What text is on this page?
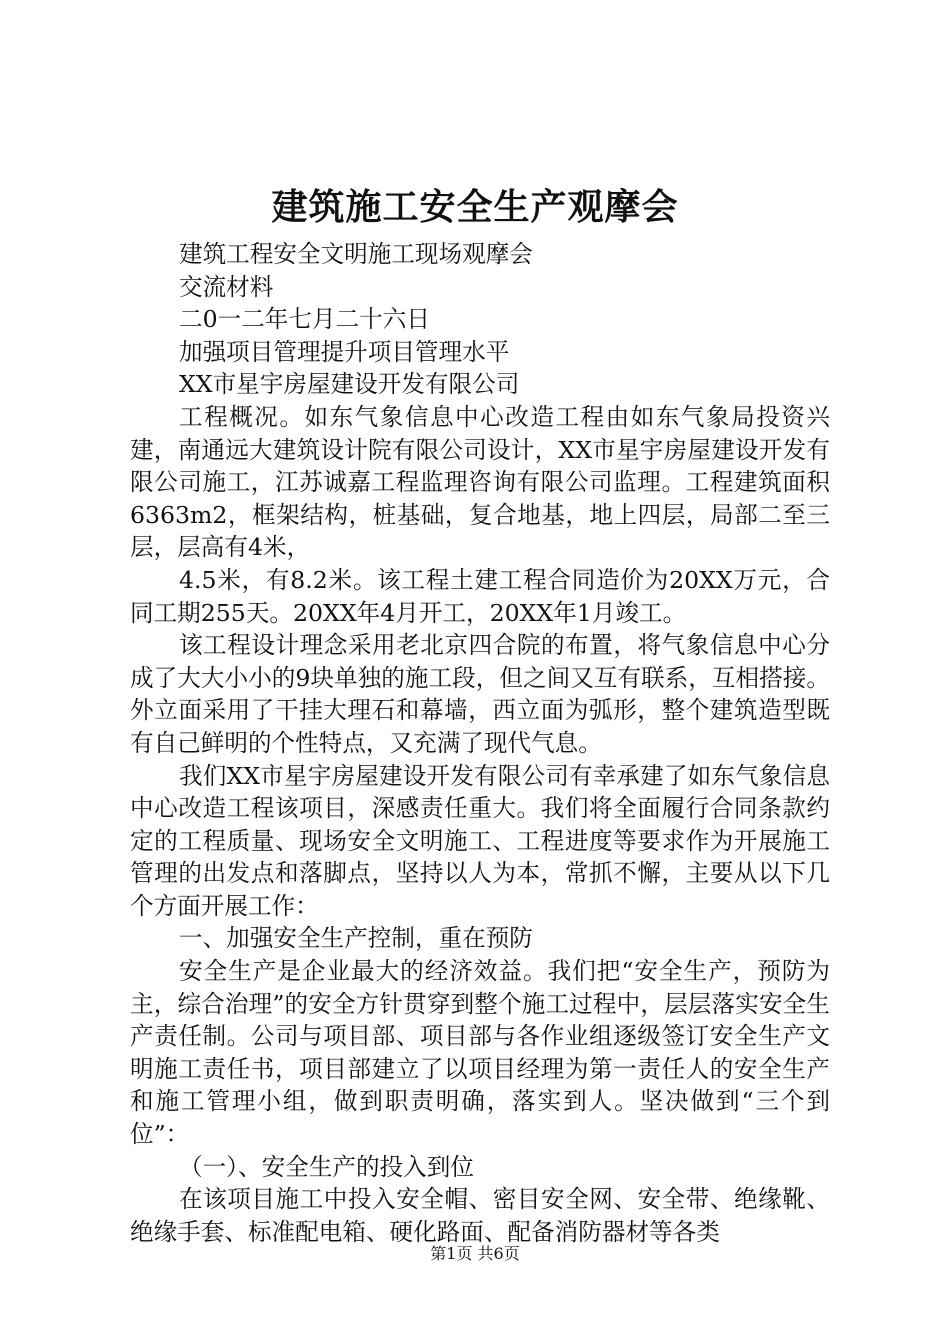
建筑施工安全生产观摩会
建筑工程安全文明施工现场观摩会
交流材料
二0一二年七月二十六日
加强项目管理提升项目管理水平
XX市星宇房屋建设开发有限公司
工程概况。如东气象信息中心改造工程由如东气象局投资兴建，南通远大建筑设计院有限公司设计，XX市星宇房屋建设开发有限公司施工，江苏诚嘉工程监理咨询有限公司监理。工程建筑面积6363m2，框架结构，桩基础，复合地基，地上四层，局部二至三层，层高有4米，
4.5米，有8.2米。该工程土建工程合同造价为20XX万元，合同工期255天。20XX年4月开工，20XX年1月竣工。
该工程设计理念采用老北京四合院的布置，将气象信息中心分成了大大小小的9块单独的施工段，但之间又互有联系，互相搭接。外立面采用了干挂大理石和幕墙，西立面为弧形，整个建筑造型既有自己鲜明的个性特点，又充满了现代气息。
我们XX市星宇房屋建设开发有限公司有幸承建了如东气象信息中心改造工程该项目，深感责任重大。我们将全面履行合同条款约定的工程质量、现场安全文明施工、工程进度等要求作为开展施工管理的出发点和落脚点，坚持以人为本，常抓不懈，主要从以下几个方面开展工作：
一、加强安全生产控制，重在预防
安全生产是企业最大的经济效益。我们把“安全生产，预防为主，综合治理”的安全方针贯穿到整个施工过程中，层层落实安全生产责任制。公司与项目部、项目部与各作业组逐级签订安全生产文明施工责任书，项目部建立了以项目经理为第一责任人的安全生产和施工管理小组，做到职责明确，落实到人。坚决做到“三个到位”：
（一）、安全生产的投入到位
在该项目施工中投入安全帽、密目安全网、安全带、绝缘靴、绝缘手套、标准配电箱、硬化路面、配备消防器材等各类
第1页 共6页
